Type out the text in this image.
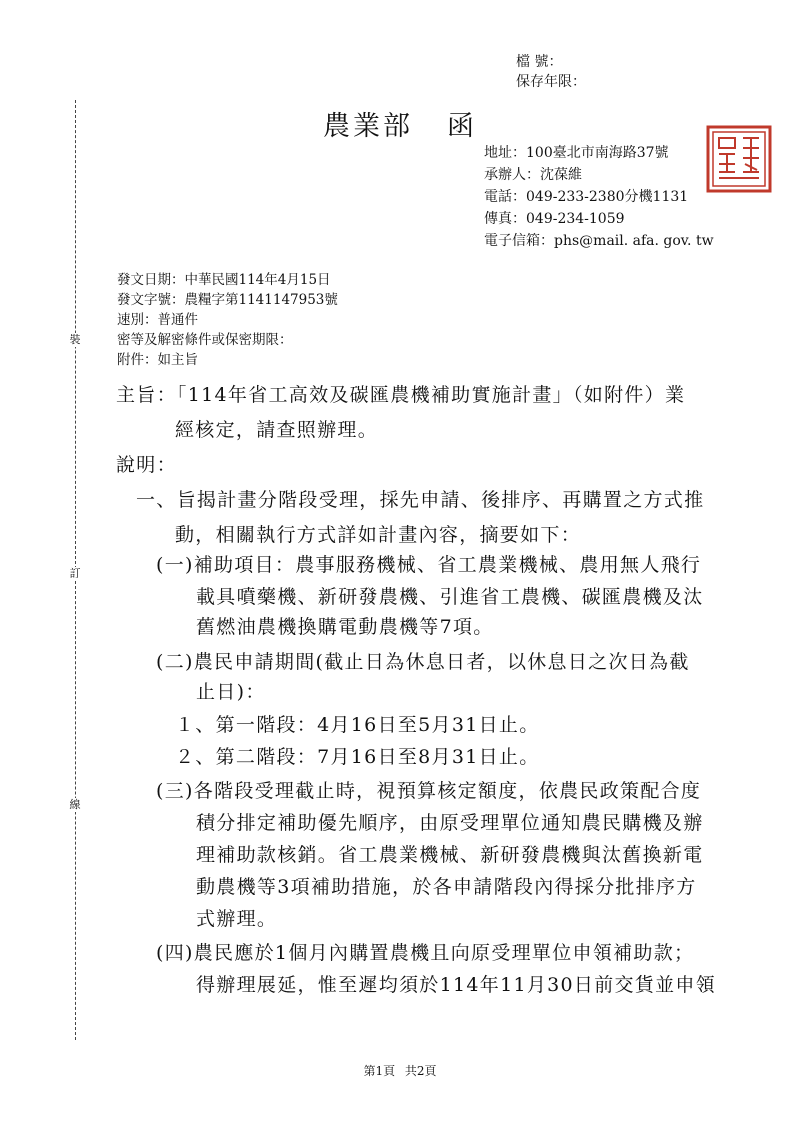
檔 號：
保存年限：
裝
訂
線
農業部 函
地址：100臺北市南海路37號
承辦人：沈葆維
電話：049-233-2380分機1131
傳真：049-234-1059
電子信箱：phs@mail. afa. gov. tw
發文日期：中華民國114年4月15日
發文字號：農糧字第1141147953號
速別：普通件
密等及解密條件或保密期限：
附件：如主旨
主旨：「114年省工高效及碳匯農機補助實施計畫」（如附件）業
經核定，請查照辦理。
說明：
一、旨揭計畫分階段受理，採先申請、後排序、再購置之方式推
動，相關執行方式詳如計畫內容，摘要如下：
(一)補助項目：農事服務機械、省工農業機械、農用無人飛行
載具噴藥機、新研發農機、引進省工農機、碳匯農機及汰
舊燃油農機換購電動農機等7項。
(二)農民申請期間(截止日為休息日者，以休息日之次日為截
止日)：
１、第一階段：4月16日至5月31日止。
２、第二階段：7月16日至8月31日止。
(三)各階段受理截止時，視預算核定額度，依農民政策配合度
積分排定補助優先順序，由原受理單位通知農民購機及辦
理補助款核銷。省工農業機械、新研發農機與汰舊換新電
動農機等3項補助措施，於各申請階段內得採分批排序方
式辦理。
(四)農民應於1個月內購置農機且向原受理單位申領補助款；
得辦理展延，惟至遲均須於114年11月30日前交貨並申領
第1頁 共2頁
